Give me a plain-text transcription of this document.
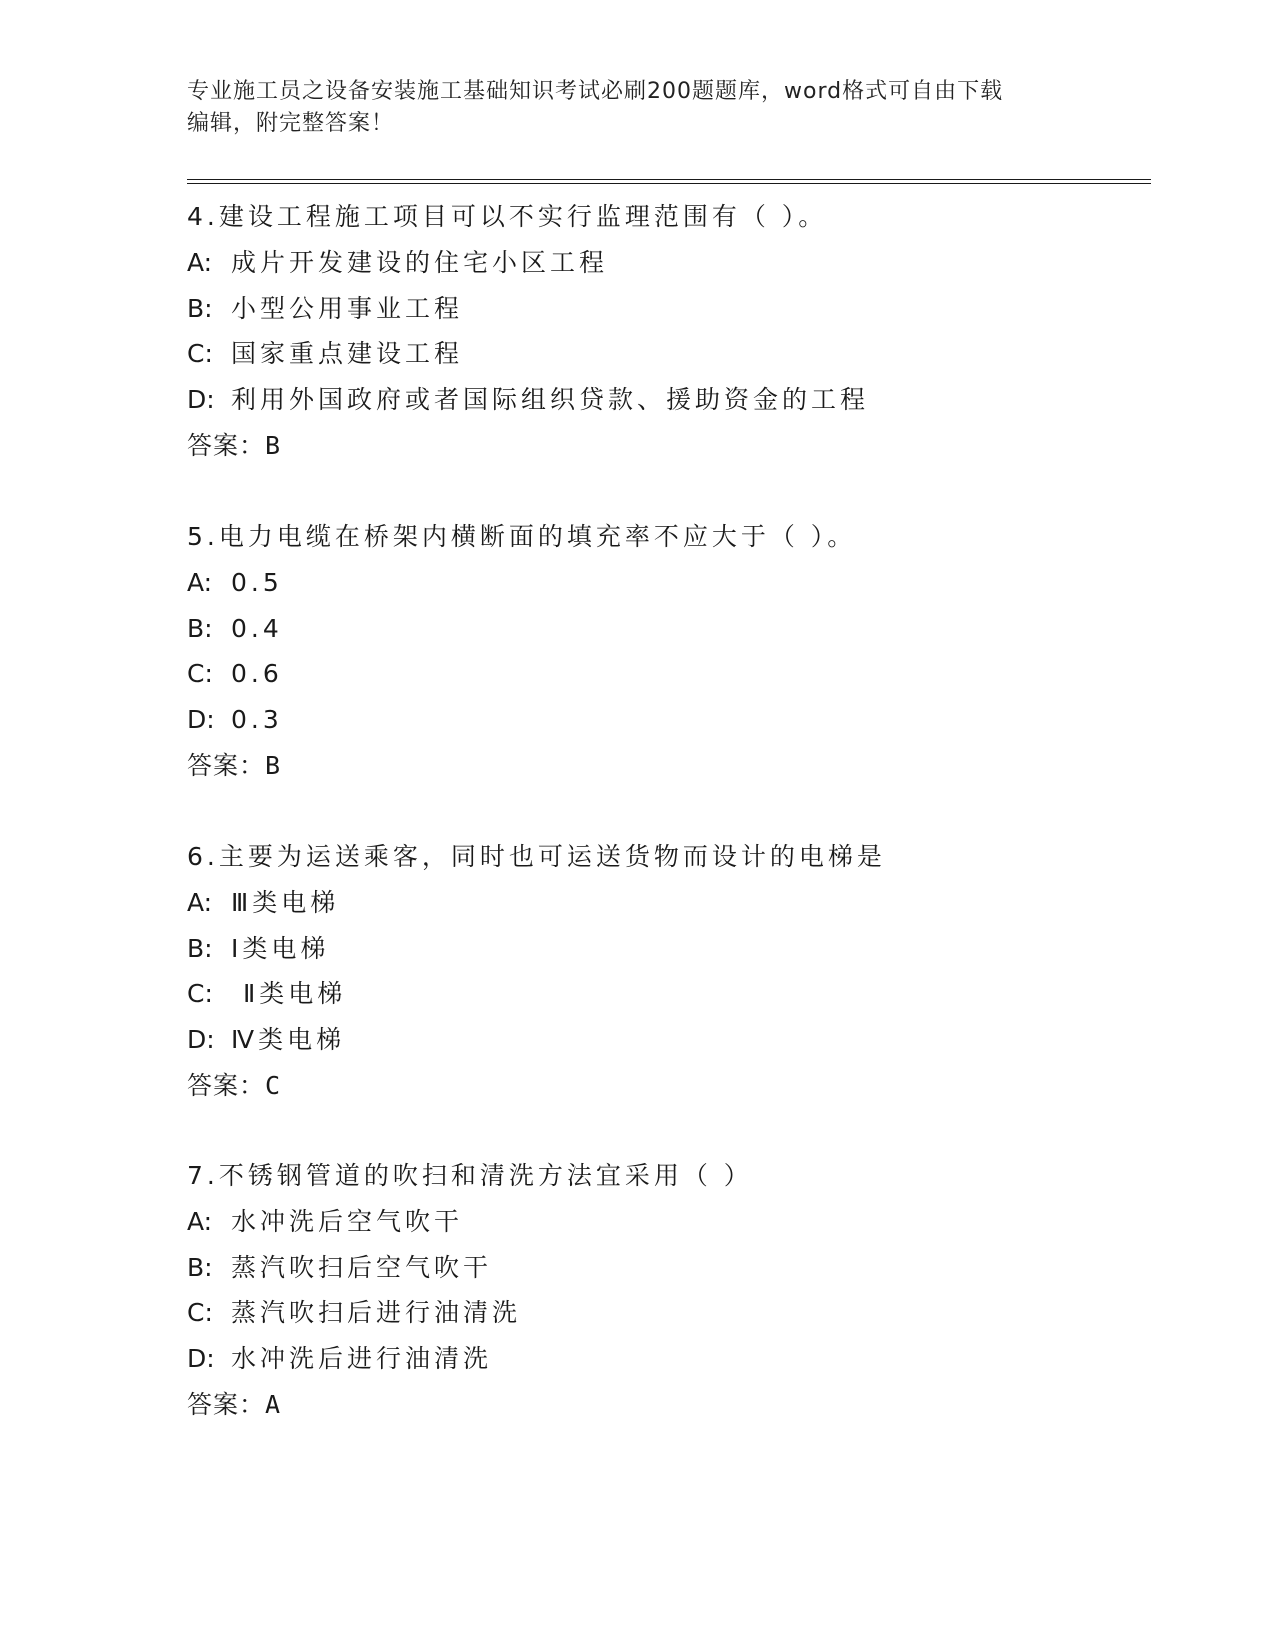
专业施工员之设备安装施工基础知识考试必刷200题题库，word格式可自由下载
编辑，附完整答案！
4.建设工程施工项目可以不实行监理范围有（ ）。
A: 成片开发建设的住宅小区工程
B: 小型公用事业工程
C: 国家重点建设工程
D: 利用外国政府或者国际组织贷款、援助资金的工程
答案：B
5.电力电缆在桥架内横断面的填充率不应大于（ ）。
A: 0.5
B: 0.4
C: 0.6
D: 0.3
答案：B
6.主要为运送乘客，同时也可运送货物而设计的电梯是
A: Ⅲ类电梯
B: Ⅰ类电梯
C: Ⅱ类电梯
D: Ⅳ类电梯
答案：C
7.不锈钢管道的吹扫和清洗方法宜采用（ ）
A: 水冲洗后空气吹干
B: 蒸汽吹扫后空气吹干
C: 蒸汽吹扫后进行油清洗
D: 水冲洗后进行油清洗
答案：A
